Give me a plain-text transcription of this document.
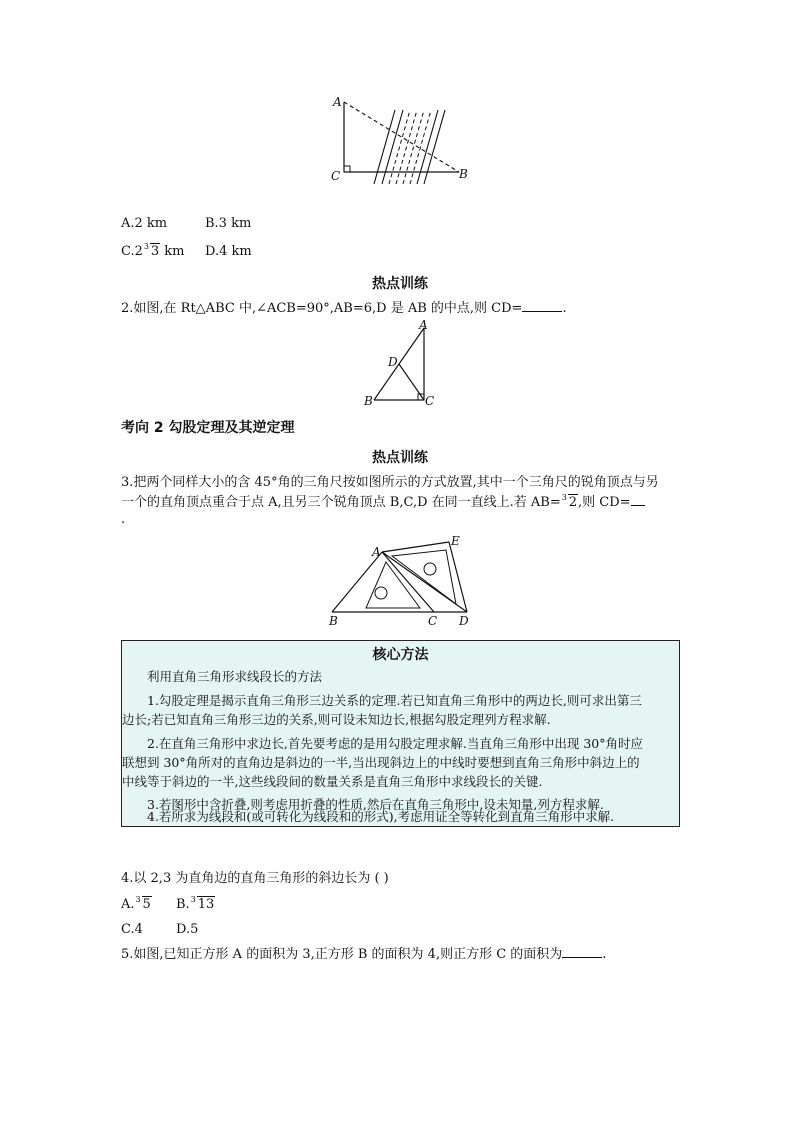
A
C	B
A.2 km	B.3 km
C.2 3 3 km D.4 km
热点训练
2.如图,在 Rt△ABC 中,∠ACB=90°,AB=6,D 是 AB 的中点,则 CD=	.
A
D
B	C
考向 2 勾股定理及其逆定理
热点训练
3.把两个同样大小的含 45°角的三角尺按如图所示的方式放置,其中一个三角尺的锐角顶点与另
一个的直角顶点重合于点 A,且另三个锐角顶点 B,C,D 在同一直线上.若 AB= 3 2,则 CD=
.
A
E
B	C D
核心方法

利用直角三角形求线段长的方法

1.勾股定理是揭示直角三角形三边关系的定理.若已知直角三角形中的两边长,则可求出第三

边长;若已知直角三角形三边的关系,则可设未知边长,根据勾股定理列方程求解.

2.在直角三角形中求边长,首先要考虑的是用勾股定理求解.当直角三角形中出现 30°角时应

联想到 30°角所对的直角边是斜边的一半,当出现斜边上的中线时要想到直角三角形中斜边上的

中线等于斜边的一半,这些线段间的数量关系是直角三角形中求线段长的关键.

3.若图形中含折叠,则考虑用折叠的性质,然后在直角三角形中,设未知量,列方程求解.

4.若所求为线段和(或可转化为线段和的形式),考虑用证全等转化到直角三角形中求解.

4.以 2,3 为直角边的直角三角形的斜边长为 ( )
A. 3 5 B. 3 13
C.4	D.5
5.如图,已知正方形 A 的面积为 3,正方形 B 的面积为 4,则正方形 C 的面积为	.
